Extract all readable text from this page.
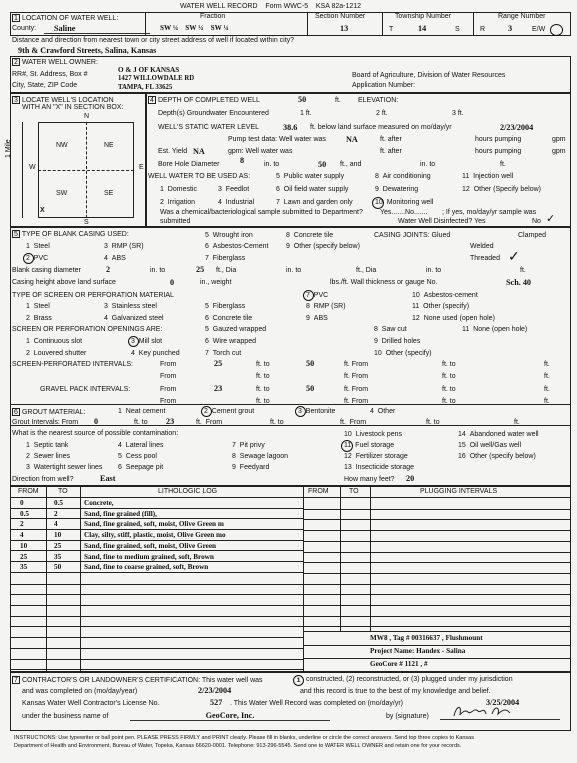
WATER WELL RECORD Form WWC-5 KSA 82a-1212
1 LOCATION OF WATER WELL:
County:	Saline
Fraction
SW ¼ SW ¼ SW ¼
Section Number
13
Township Number
T	14	S
Range Number
R	3	E/W
Distance and direction from nearest town or city street address of well if located within city?
9th & Crawford Streets, Salina, Kansas
2 WATER WELL OWNER:
RR#, St. Address, Box #
City, State, ZIP Code
O & J OF KANSAS
1427 WILLOWDALE RD
TAMPA, FL 33625
Board of Agriculture, Division of Water Resources
Application Number:
3 LOCATE WELL'S LOCATION
WITH AN "X" IN SECTION BOX:
N
S
W	E
1 Mile	NW	NE
SW	SE
X
4 DEPTH OF COMPLETED WELL	50	ft. ELEVATION:
Depth(s) Groundwater Encountered	1 ft.	2 ft.	3 ft.
WELL'S STATIC WATER LEVEL	38.6 ft. below land surface measured on mo/day/yr	2/23/2004
Pump test data: Well water was NA	ft. after	hours pumping	gpm
Est. Yield NA	gpm: Well water was	ft. after	hours pumping	gpm
Bore Hole Diameter	8	in. to	50 ft., and	in. to	ft.
WELL WATER TO BE USED AS:	5 Public water supply	8 Air conditioning	11 Injection well
1 Domestic	3 Feedlot	6 Oil field water supply	9 Dewatering	12 Other (Specify below)
2 Irrigation	4 Industrial	7 Lawn and garden only	10 Monitoring well
Was a chemical/bacteriological sample submitted to Department? Yes.......No....... ; If yes, mo/day/yr sample was
submitted	Water Well Disinfected? Yes	No ✓
5 TYPE OF BLANK CASING USED:	5 Wrought iron	8 Concrete tile	CASING JOINTS: Glued	Clamped
1 Steel	3 RMP (SR)	6 Asbestos-Cement	9 Other (specify below)	Welded
2 PVC	4 ABS	7 Fiberglass	Threaded ✓
Blank casing diameter	2	in. to	25 ft., Dia	in. to	ft., Dia	in. to	ft.
Casing height above land surface	0	in., weight	lbs./ft. Wall thickness or gauge No.	Sch. 40
TYPE OF SCREEN OR PERFORATION MATERIAL	7 PVC	10 Asbestos-cement
1 Steel	3 Stainless steel	5 Fiberglass	8 RMP (SR)	11 Other (specify)
2 Brass	4 Galvanized steel	6 Concrete tile	9 ABS	12 None used (open hole)
SCREEN OR PERFORATION OPENINGS ARE:	5 Gauzed wrapped	8 Saw cut	11 None (open hole)
1 Continuous slot	3 Mill slot	6 Wire wrapped	9 Drilled holes
2 Louvered shutter	4 Key punched	7 Torch cut	10 Other (specify)
SCREEN-PERFORATED INTERVALS:	From	25	ft. to	50	ft. From	ft. to	ft.
From	ft. to	ft. From	ft. to	ft.
GRAVEL PACK INTERVALS:	From	23	ft. to	50	ft. From	ft. to	ft.
From	ft. to	ft. From	ft. to	ft.
6 GROUT MATERIAL:	1  Neat cement	2  Cement grout	3  Bentonite	4  Other
Grout Intervals: From 0	ft. to 23	ft. From	ft. to	ft. From	ft. to	ft.
What is the nearest source of possible contamination:	10 Livestock pens	14 Abandoned water well
1 Septic tank	4 Lateral lines	7 Pit privy	11 Fuel storage	15 Oil well/Gas well
2 Sewer lines	5 Cess pool	8 Sewage lagoon	12 Fertilizer storage	16 Other (specify below)
3 Watertight sewer lines 6 Seepage pit	9 Feedyard	13 Insecticide storage
Direction from well?	East	How many feet? 20
FROM	TO	LITHOLOGIC LOG	FROM	TO	PLUGGING INTERVALS
0	0.5	Concrete,
0.5	2	Sand, fine grained (fill),
2	4	Sand, fine grained, soft, moist, Olive Green m
4	10	Clay, silty, stiff, plastic, moist, Olive Green mo
10	25	Sand, fine grained, soft, moist, Olive Green
25	35	Sand, fine to medium grained, soft, Brown
35	50	Sand, fine to coarse grained, soft, Brown
MW8 , Tag # 00316637 , Flushmount
Project Name: Handex - Salina
GeoCore # 1121 , #
7 CONTRACTOR'S OR LANDOWNER'S CERTIFICATION: This water well was	1 constructed, (2) reconstructed, or (3) plugged under my jurisdiction
and was completed on (mo/day/year)	2/23/2004	and this record is true to the best of my knowledge and belief.
Kansas Water Well Contractor's License No.	527 . This Water Well Record was completed on (mo/day/yr)	3/25/2004
under the business name of	GeoCore, Inc.	by (signature)
INSTRUCTIONS: Use typewriter or ball point pen. PLEASE PRESS FIRMLY and PRINT clearly. Please fill in blanks, underline or circle the correct answers. Send top three copies to Kansas
Department of Health and Environment, Bureau of Water, Topeka, Kansas 66620-0001. Telephone: 913-296-5545. Send one to WATER WELL OWNER and retain one for your records.
